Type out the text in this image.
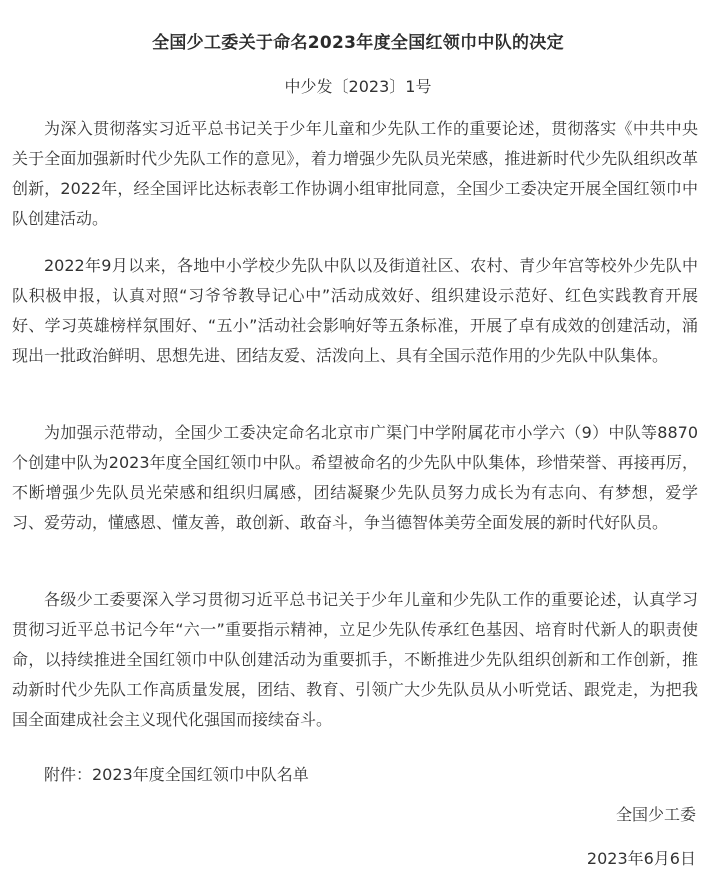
全国少工委关于命名2023年度全国红领巾中队的决定
中少发〔2023〕1号

为深入贯彻落实习近平总书记关于少年儿童和少先队工作的重要论述，贯彻落实《中共中央关于全面加强新时代少先队工作的意见》，着力增强少先队员光荣感，推进新时代少先队组织改革创新，2022年，经全国评比达标表彰工作协调小组审批同意，全国少工委决定开展全国红领巾中队创建活动。

2022年9月以来，各地中小学校少先队中队以及街道社区、农村、青少年宫等校外少先队中队积极申报，认真对照“习爷爷教导记心中”活动成效好、组织建设示范好、红色实践教育开展好、学习英雄榜样氛围好、“五小”活动社会影响好等五条标准，开展了卓有成效的创建活动，涌现出一批政治鲜明、思想先进、团结友爱、活泼向上、具有全国示范作用的少先队中队集体。

为加强示范带动，全国少工委决定命名北京市广渠门中学附属花市小学六（9）中队等8870个创建中队为2023年度全国红领巾中队。希望被命名的少先队中队集体，珍惜荣誉、再接再厉，不断增强少先队员光荣感和组织归属感，团结凝聚少先队员努力成长为有志向、有梦想，爱学习、爱劳动，懂感恩、懂友善，敢创新、敢奋斗，争当德智体美劳全面发展的新时代好队员。

各级少工委要深入学习贯彻习近平总书记关于少年儿童和少先队工作的重要论述，认真学习贯彻习近平总书记今年“六一”重要指示精神，立足少先队传承红色基因、培育时代新人的职责使命，以持续推进全国红领巾中队创建活动为重要抓手，不断推进少先队组织创新和工作创新，推动新时代少先队工作高质量发展，团结、教育、引领广大少先队员从小听党话、跟党走，为把我国全面建成社会主义现代化强国而接续奋斗。

附件：2023年度全国红领巾中队名单
全国少工委
2023年6月6日
